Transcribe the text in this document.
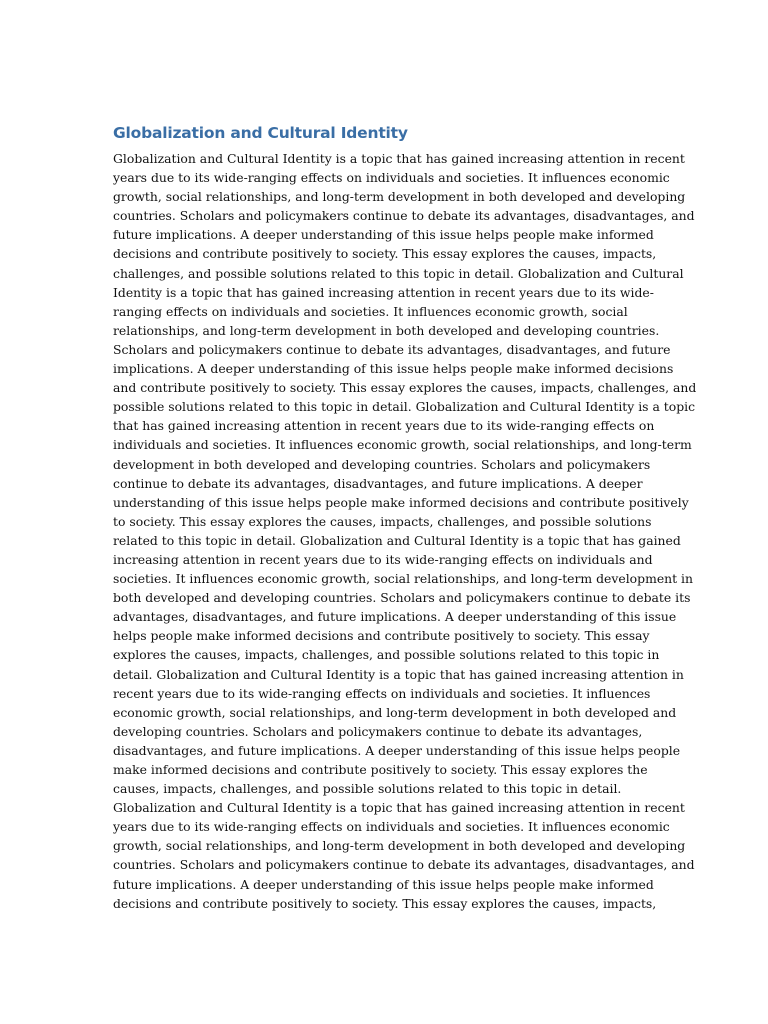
Globalization and Cultural Identity
Globalization and Cultural Identity is a topic that has gained increasing attention in recent
years due to its wide-ranging effects on individuals and societies. It influences economic
growth, social relationships, and long-term development in both developed and developing
countries. Scholars and policymakers continue to debate its advantages, disadvantages, and
future implications. A deeper understanding of this issue helps people make informed
decisions and contribute positively to society. This essay explores the causes, impacts,
challenges, and possible solutions related to this topic in detail. Globalization and Cultural
Identity is a topic that has gained increasing attention in recent years due to its wide-
ranging effects on individuals and societies. It influences economic growth, social
relationships, and long-term development in both developed and developing countries.
Scholars and policymakers continue to debate its advantages, disadvantages, and future
implications. A deeper understanding of this issue helps people make informed decisions
and contribute positively to society. This essay explores the causes, impacts, challenges, and
possible solutions related to this topic in detail. Globalization and Cultural Identity is a topic
that has gained increasing attention in recent years due to its wide-ranging effects on
individuals and societies. It influences economic growth, social relationships, and long-term
development in both developed and developing countries. Scholars and policymakers
continue to debate its advantages, disadvantages, and future implications. A deeper
understanding of this issue helps people make informed decisions and contribute positively
to society. This essay explores the causes, impacts, challenges, and possible solutions
related to this topic in detail. Globalization and Cultural Identity is a topic that has gained
increasing attention in recent years due to its wide-ranging effects on individuals and
societies. It influences economic growth, social relationships, and long-term development in
both developed and developing countries. Scholars and policymakers continue to debate its
advantages, disadvantages, and future implications. A deeper understanding of this issue
helps people make informed decisions and contribute positively to society. This essay
explores the causes, impacts, challenges, and possible solutions related to this topic in
detail. Globalization and Cultural Identity is a topic that has gained increasing attention in
recent years due to its wide-ranging effects on individuals and societies. It influences
economic growth, social relationships, and long-term development in both developed and
developing countries. Scholars and policymakers continue to debate its advantages,
disadvantages, and future implications. A deeper understanding of this issue helps people
make informed decisions and contribute positively to society. This essay explores the
causes, impacts, challenges, and possible solutions related to this topic in detail.
Globalization and Cultural Identity is a topic that has gained increasing attention in recent
years due to its wide-ranging effects on individuals and societies. It influences economic
growth, social relationships, and long-term development in both developed and developing
countries. Scholars and policymakers continue to debate its advantages, disadvantages, and
future implications. A deeper understanding of this issue helps people make informed
decisions and contribute positively to society. This essay explores the causes, impacts,
